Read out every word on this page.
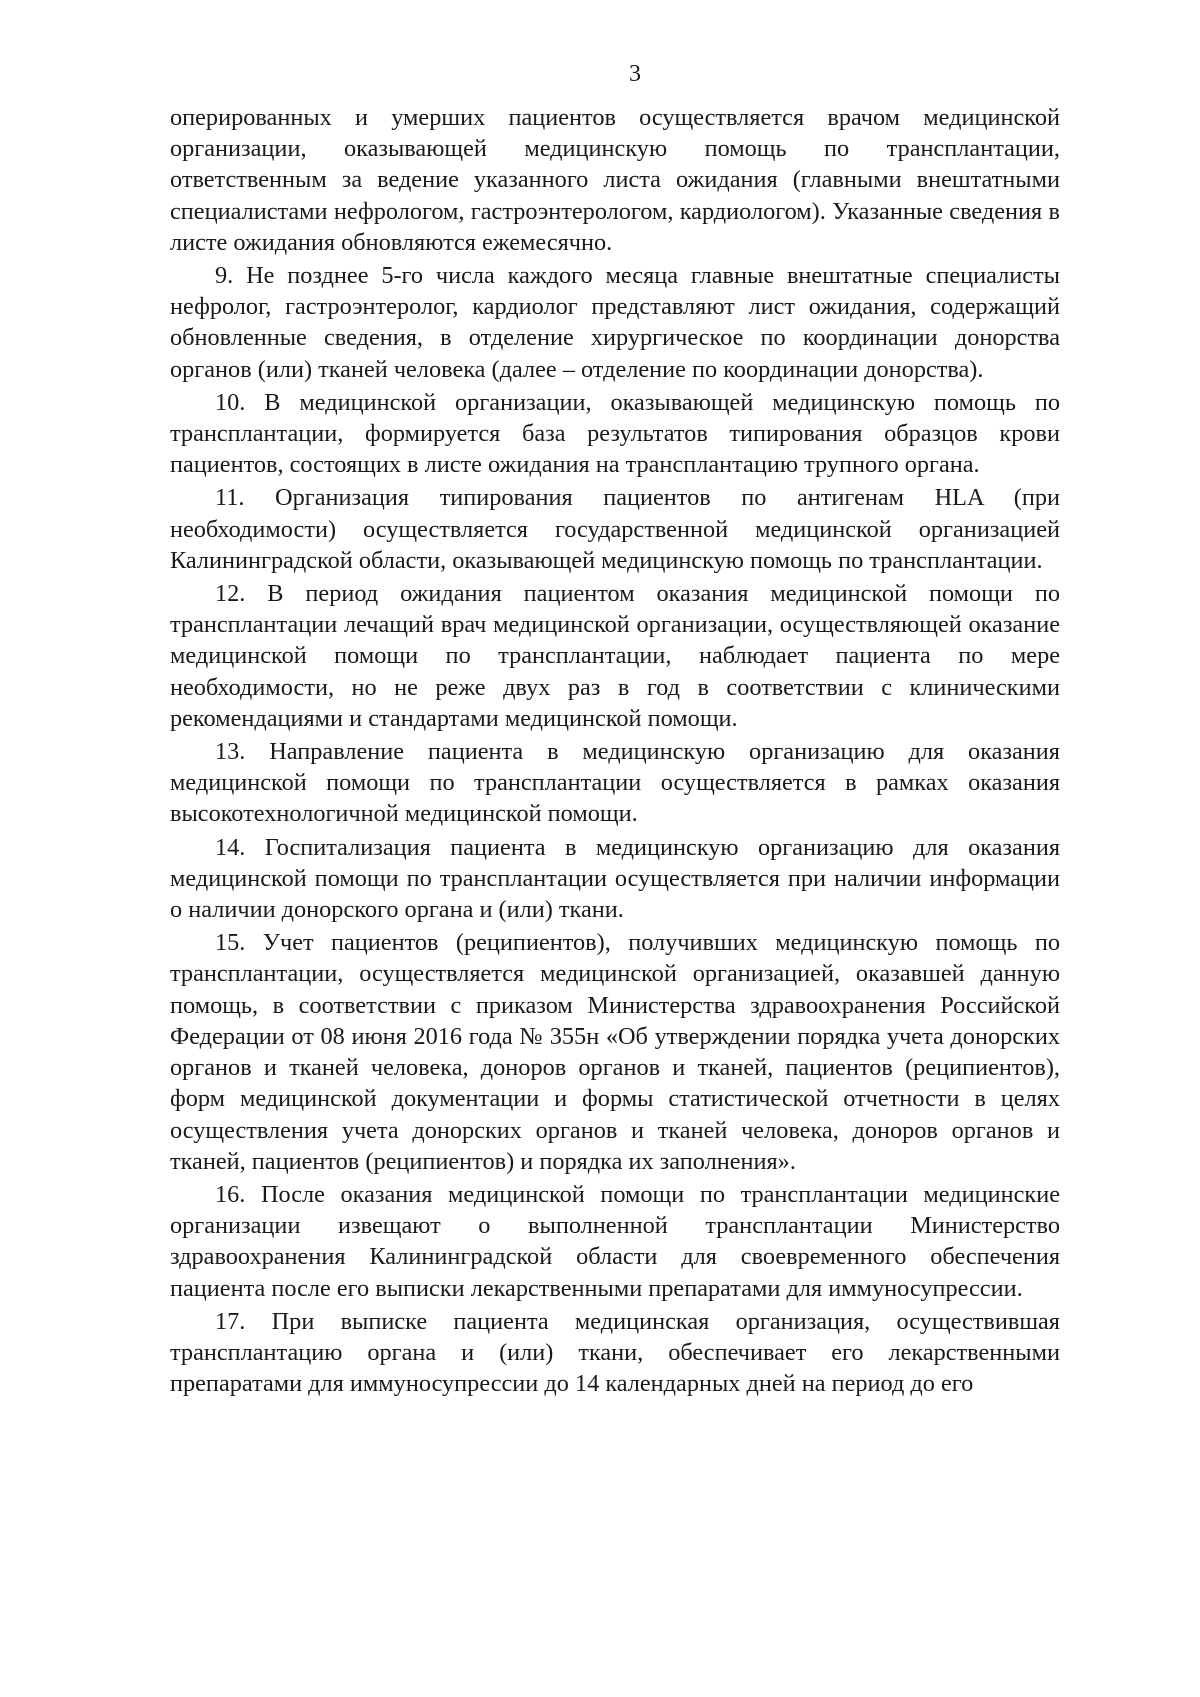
3

оперированных и умерших пациентов осуществляется врачом медицинской организации, оказывающей медицинскую помощь по трансплантации, ответственным за ведение указанного листа ожидания (главными внештатными специалистами нефрологом, гастроэнтерологом, кардиологом). Указанные сведения в листе ожидания обновляются ежемесячно.

9. Не позднее 5-го числа каждого месяца главные внештатные специалисты нефролог, гастроэнтеролог, кардиолог представляют лист ожидания, содержащий обновленные сведения, в отделение хирургическое по координации донорства органов (или) тканей человека (далее – отделение по координации донорства).

10. В медицинской организации, оказывающей медицинскую помощь по трансплантации, формируется база результатов типирования образцов крови пациентов, состоящих в листе ожидания на трансплантацию трупного органа.

11. Организация типирования пациентов по антигенам HLA (при необходимости) осуществляется государственной медицинской организацией Калининградской области, оказывающей медицинскую помощь по трансплантации.

12. В период ожидания пациентом оказания медицинской помощи по трансплантации лечащий врач медицинской организации, осуществляющей оказание медицинской помощи по трансплантации, наблюдает пациента по мере необходимости, но не реже двух раз в год в соответствии с клиническими рекомендациями и стандартами медицинской помощи.

13. Направление пациента в медицинскую организацию для оказания медицинской помощи по трансплантации осуществляется в рамках оказания высокотехнологичной медицинской помощи.

14. Госпитализация пациента в медицинскую организацию для оказания медицинской помощи по трансплантации осуществляется при наличии информации о наличии донорского органа и (или) ткани.

15. Учет пациентов (реципиентов), получивших медицинскую помощь по трансплантации, осуществляется медицинской организацией, оказавшей данную помощь, в соответствии с приказом Министерства здравоохранения Российской Федерации от 08 июня 2016 года № 355н «Об утверждении порядка учета донорских органов и тканей человека, доноров органов и тканей, пациентов (реципиентов), форм медицинской документации и формы статистической отчетности в целях осуществления учета донорских органов и тканей человека, доноров органов и тканей, пациентов (реципиентов) и порядка их заполнения».

16. После оказания медицинской помощи по трансплантации медицинские организации извещают о выполненной трансплантации Министерство здравоохранения Калининградской области для своевременного обеспечения пациента после его выписки лекарственными препаратами для иммуносупрессии.

17. При выписке пациента медицинская организация, осуществившая трансплантацию органа и (или) ткани, обеспечивает его лекарственными препаратами для иммуносупрессии до 14 календарных дней на период до его
